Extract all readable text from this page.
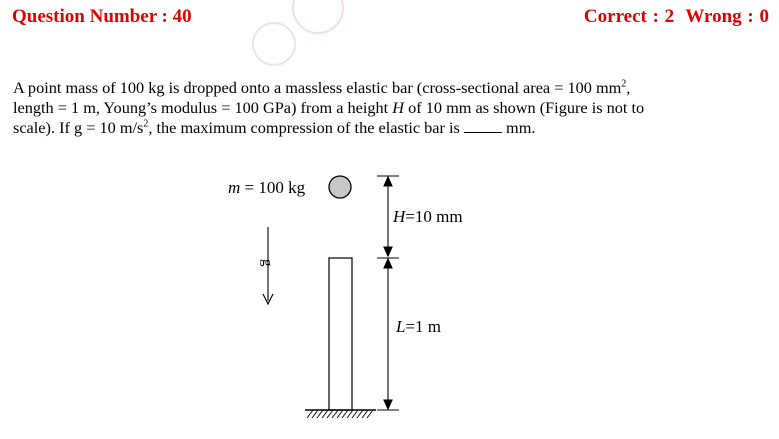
Question Number : 40	Correct : 2 Wrong : 0
A point mass of 100 kg is dropped onto a massless elastic bar (cross-sectional area = 100 $mm^2$,
length = 1 m, Young’s modulus = 100 GPa) from a height H of 10 mm as shown (Figure is not to
scale). If g = 10 $m/s^2$, the maximum compression of the elastic bar is  mm.
m = 100 kg
g
H=10 mm
L=1 m
